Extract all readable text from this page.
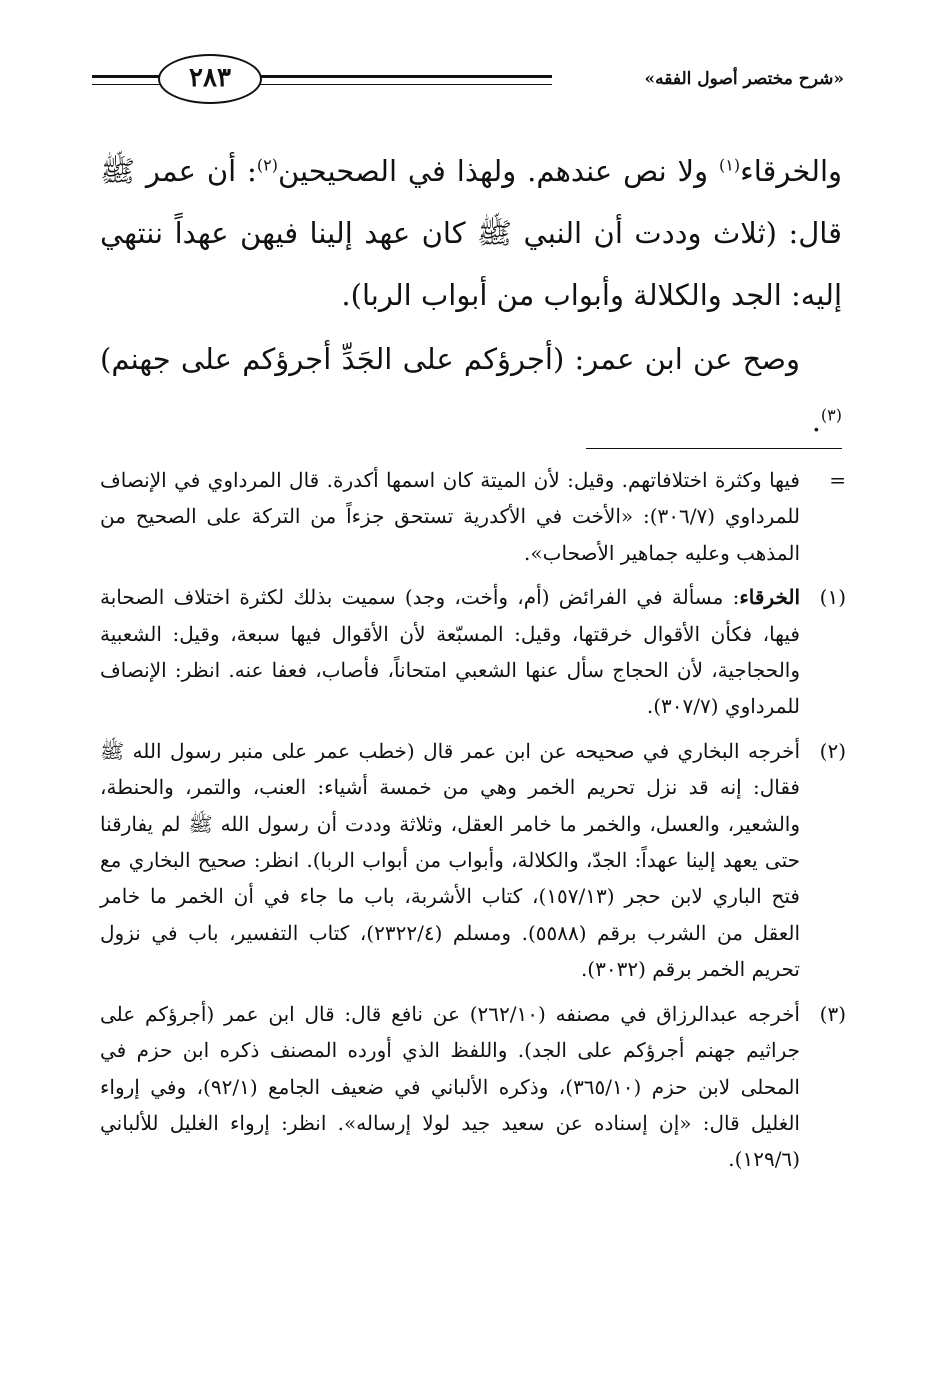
«شرح مختصر أصول الفقه»
٢٨٣

والخرقاء$^{(١)}$ ولا نص عندهم. ولهذا في الصحيحين$^{(٢)}$: أن عمر ﷺ قال: (ثلاث وددت أن النبي ﷺ كان عهد إلينا فيهن عهداً ننتهي إليه: الجد والكلالة وأبواب من أبواب الربا).

وصح عن ابن عمر: (أجرؤكم على الجَدِّ أجرؤكم على جهنم)$^{(٣)}$.

=
فيها وكثرة اختلافاتهم. وقيل: لأن الميتة كان اسمها أكدرة. قال المرداوي في الإنصاف للمرداوي (٣٠٦/٧): «الأخت في الأكدرية تستحق جزءاً من التركة على الصحيح من المذهب وعليه جماهير الأصحاب».
(١)
الخرقاء: مسألة في الفرائض (أم، وأخت، وجد) سميت بذلك لكثرة اختلاف الصحابة فيها، فكأن الأقوال خرقتها، وقيل: المسبّعة لأن الأقوال فيها سبعة، وقيل: الشعبية والحجاجية، لأن الحجاج سأل عنها الشعبي امتحاناً، فأصاب، فعفا عنه. انظر: الإنصاف للمرداوي (٣٠٧/٧).
(٢)
أخرجه البخاري في صحيحه عن ابن عمر قال (خطب عمر على منبر رسول الله ﷺ فقال: إنه قد نزل تحريم الخمر وهي من خمسة أشياء: العنب، والتمر، والحنطة، والشعير، والعسل، والخمر ما خامر العقل، وثلاثة وددت أن رسول الله ﷺ لم يفارقنا حتى يعهد إلينا عهداً: الجدّ، والكلالة، وأبواب من أبواب الربا). انظر: صحيح البخاري مع فتح الباري لابن حجر (١٥٧/١٣)، كتاب الأشربة، باب ما جاء في أن الخمر ما خامر العقل من الشرب برقم (٥٥٨٨). ومسلم (٢٣٢٢/٤)، كتاب التفسير، باب في نزول تحريم الخمر برقم (٣٠٣٢).
(٣)
أخرجه عبدالرزاق في مصنفه (٢٦٢/١٠) عن نافع قال: قال ابن عمر (أجرؤكم على جراثيم جهنم أجرؤكم على الجد). واللفظ الذي أورده المصنف ذكره ابن حزم في المحلى لابن حزم (٣٦٥/١٠)، وذكره الألباني في ضعيف الجامع (٩٢/١)، وفي إرواء الغليل قال: «إن إسناده عن سعيد جيد لولا إرساله». انظر: إرواء الغليل للألباني (١٢٩/٦).
